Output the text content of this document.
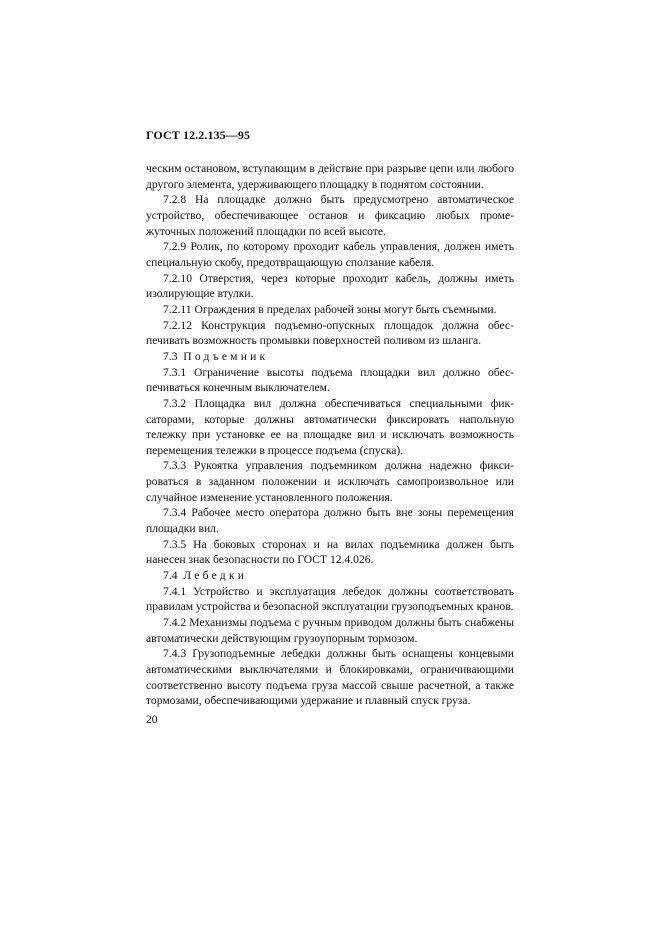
ГОСТ 12.2.135—95

ческим остановом, вступающим в действие при разрыве цепи или любого другого элемента, удерживающего площадку в поднятом состоянии.

7.2.8 На площадке должно быть предусмотрено автоматическое устройство, обеспечивающее останов и фиксацию любых промежуточных положений площадки по всей высоте.

7.2.9 Ролик, по которому проходит кабель управления, должен иметь специальную скобу, предотвращающую сползание кабеля.

7.2.10 Отверстия, через которые проходит кабель, должны иметь изолирующие втулки.

7.2.11 Ограждения в пределах рабочей зоны могут быть съемными.

7.2.12 Конструкция подъемно-опускных площадок должна обеспечивать возможность промывки поверхностей поливом из шланга.

7.3 Подъемник

7.3.1 Ограничение высоты подъема площадки вил должно обеспечиваться конечным выключателем.

7.3.2 Площадка вил должна обеспечиваться специальными фиксаторами, которые должны автоматически фиксировать напольную тележку при установке ее на площадке вил и исключать возможность перемещения тележки в процессе подъема (спуска).

7.3.3 Рукоятка управления подъемником должна надежно фиксироваться в заданном положении и исключать самопроизвольное или случайное изменение установленного положения.

7.3.4 Рабочее место оператора должно быть вне зоны перемещения площадки вил.

7.3.5 На боковых сторонах и на вилах подъемника должен быть нанесен знак безопасности по ГОСТ 12.4.026.

7.4 Лебедки

7.4.1 Устройство и эксплуатация лебедок должны соответствовать правилам устройства и безопасной эксплуатации грузоподъемных кранов.

7.4.2 Механизмы подъема с ручным приводом должны быть снабжены автоматически действующим грузоупорным тормозом.

7.4.3 Грузоподъемные лебедки должны быть оснащены концевыми автоматическими выключателями и блокировками, ограничивающими соответственно высоту подъема груза массой свыше расчетной, а также тормозами, обеспечивающими удержание и плавный спуск груза.

20
